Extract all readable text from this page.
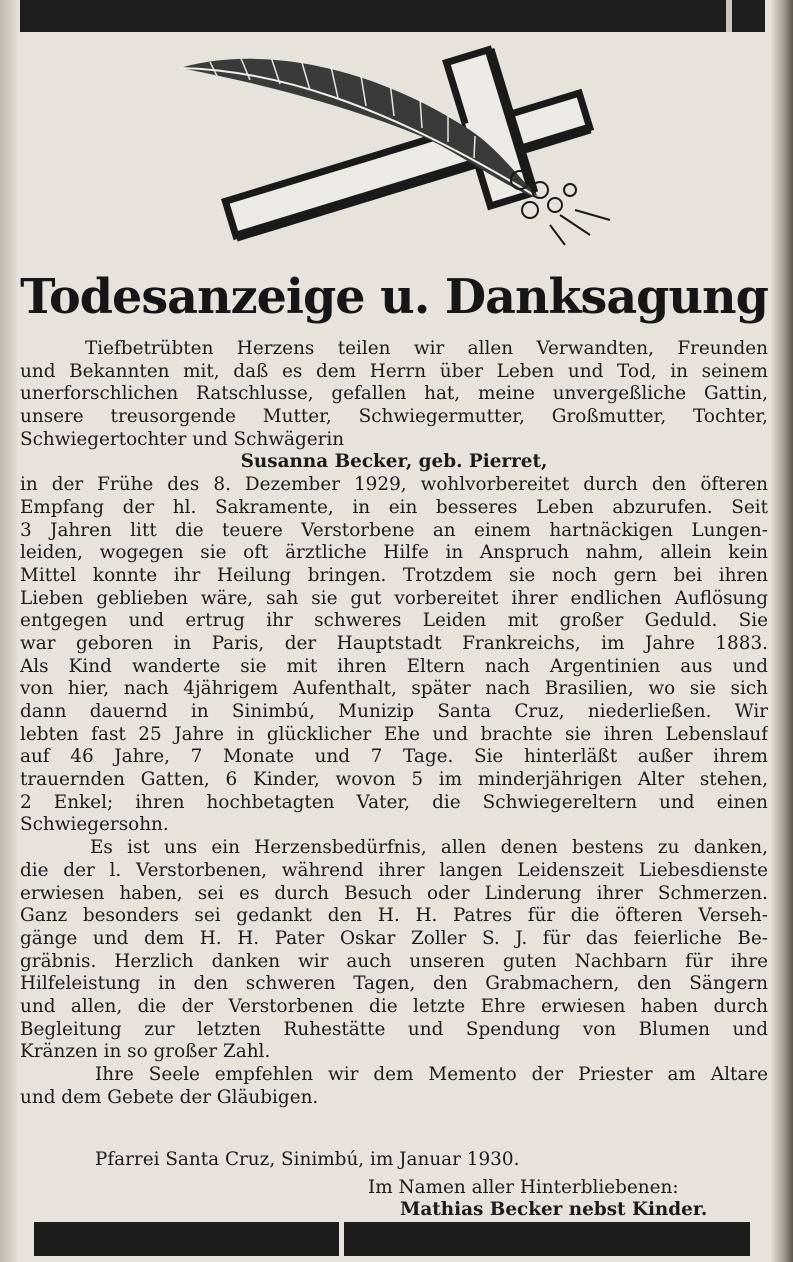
Todesanzeige u. Danksagung
Tiefbetrübten Herzens teilen wir allen Verwandten, Freunden
und Bekannten mit, daß es dem Herrn über Leben und Tod, in seinem
unerforschlichen Ratschlusse, gefallen hat, meine unvergeßliche Gattin,
unsere treusorgende Mutter, Schwiegermutter, Großmutter, Tochter,
Schwiegertochter und Schwägerin
Susanna Becker, geb. Pierret,
in der Frühe des 8. Dezember 1929, wohlvorbereitet durch den öfteren
Empfang der hl. Sakramente, in ein besseres Leben abzurufen. Seit
3 Jahren litt die teuere Verstorbene an einem hartnäckigen Lungen-
leiden, wogegen sie oft ärztliche Hilfe in Anspruch nahm, allein kein
Mittel konnte ihr Heilung bringen. Trotzdem sie noch gern bei ihren
Lieben geblieben wäre, sah sie gut vorbereitet ihrer endlichen Auflösung
entgegen und ertrug ihr schweres Leiden mit großer Geduld. Sie
war geboren in Paris, der Hauptstadt Frankreichs, im Jahre 1883.
Als Kind wanderte sie mit ihren Eltern nach Argentinien aus und
von hier, nach 4jährigem Aufenthalt, später nach Brasilien, wo sie sich
dann dauernd in Sinimbú, Munizip Santa Cruz, niederließen. Wir
lebten fast 25 Jahre in glücklicher Ehe und brachte sie ihren Lebenslauf
auf 46 Jahre, 7 Monate und 7 Tage. Sie hinterläßt außer ihrem
trauernden Gatten, 6 Kinder, wovon 5 im minderjährigen Alter stehen,
2 Enkel; ihren hochbetagten Vater, die Schwiegereltern und einen
Schwiegersohn.
Es ist uns ein Herzensbedürfnis, allen denen bestens zu danken,
die der l. Verstorbenen, während ihrer langen Leidenszeit Liebesdienste
erwiesen haben, sei es durch Besuch oder Linderung ihrer Schmerzen.
Ganz besonders sei gedankt den H. H. Patres für die öfteren Verseh-
gänge und dem H. H. Pater Oskar Zoller S. J. für das feierliche Be-
gräbnis. Herzlich danken wir auch unseren guten Nachbarn für ihre
Hilfeleistung in den schweren Tagen, den Grabmachern, den Sängern
und allen, die der Verstorbenen die letzte Ehre erwiesen haben durch
Begleitung zur letzten Ruhestätte und Spendung von Blumen und
Kränzen in so großer Zahl.
Ihre Seele empfehlen wir dem Memento der Priester am Altare
und dem Gebete der Gläubigen.
Pfarrei Santa Cruz, Sinimbú, im Januar 1930.
Im Namen aller Hinterbliebenen:
Mathias Becker nebst Kinder.
